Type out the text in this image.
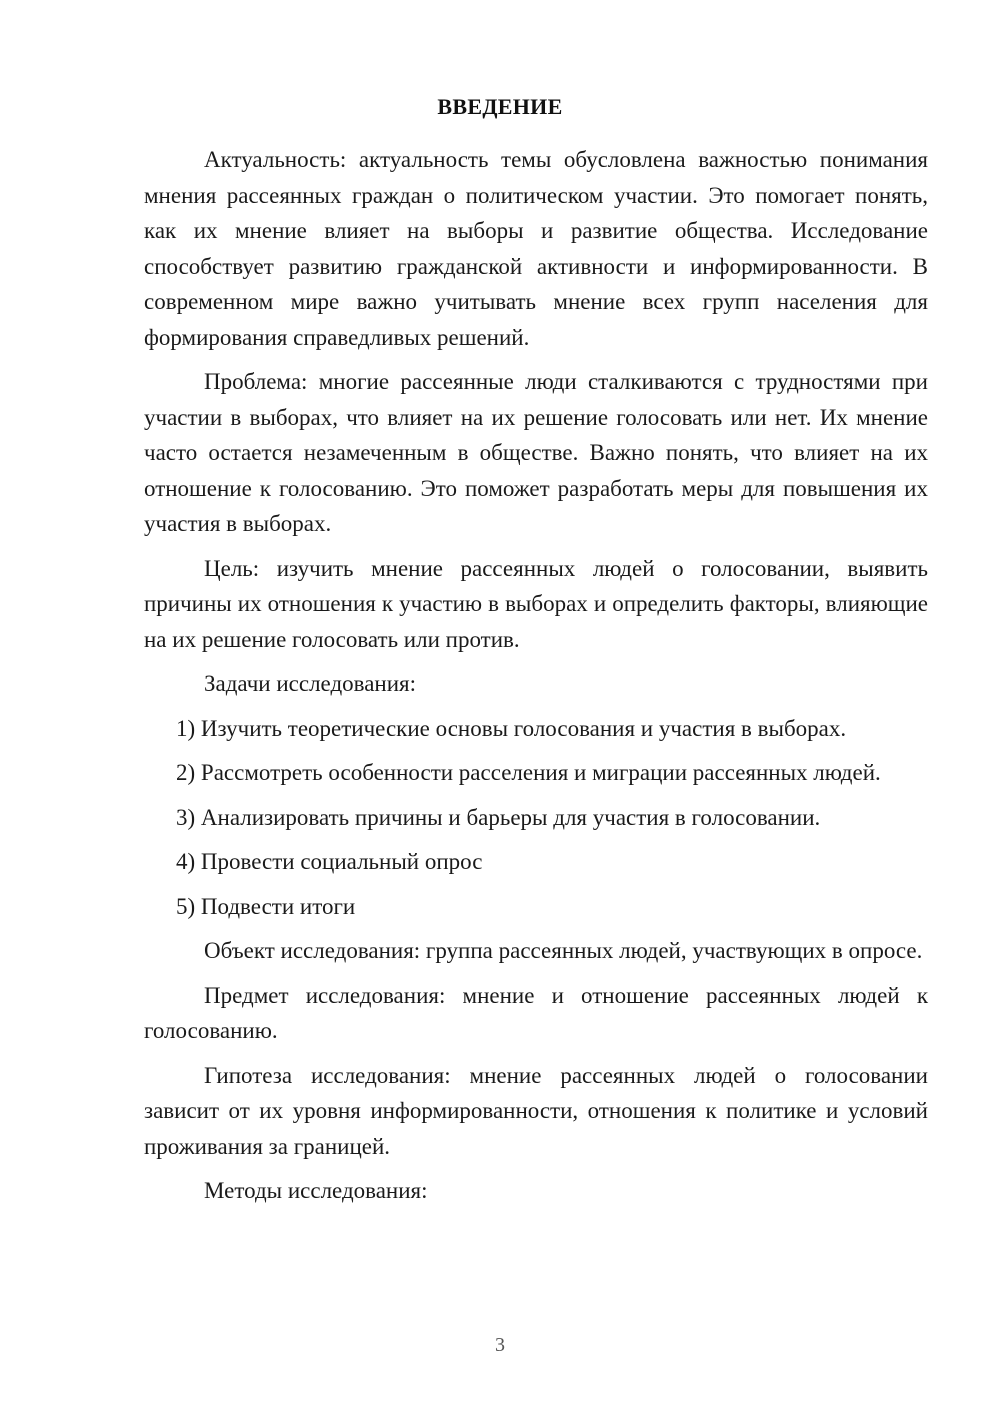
ВВЕДЕНИЕ

Актуальность: актуальность темы обусловлена важностью понимания мнения рассеянных граждан о политическом участии. Это помогает понять, как их мнение влияет на выборы и развитие общества. Исследование способствует развитию гражданской активности и информированности. В современном мире важно учитывать мнение всех групп населения для формирования справедливых решений.

Проблема: многие рассеянные люди сталкиваются с трудностями при участии в выборах, что влияет на их решение голосовать или нет. Их мнение часто остается незамеченным в обществе. Важно понять, что влияет на их отношение к голосованию. Это поможет разработать меры для повышения их участия в выборах.

Цель: изучить мнение рассеянных людей о голосовании, выявить причины их отношения к участию в выборах и определить факторы, влияющие на их решение голосовать или против.

Задачи исследования:

1) Изучить теоретические основы голосования и участия в выборах.

2) Рассмотреть особенности расселения и миграции рассеянных людей.

3) Анализировать причины и барьеры для участия в голосовании.

4) Провести социальный опрос

5) Подвести итоги

Объект исследования: группа рассеянных людей, участвующих в опросе.

Предмет исследования: мнение и отношение рассеянных людей к голосованию.

Гипотеза исследования: мнение рассеянных людей о голосовании зависит от их уровня информированности, отношения к политике и условий проживания за границей.

Методы исследования:

3
